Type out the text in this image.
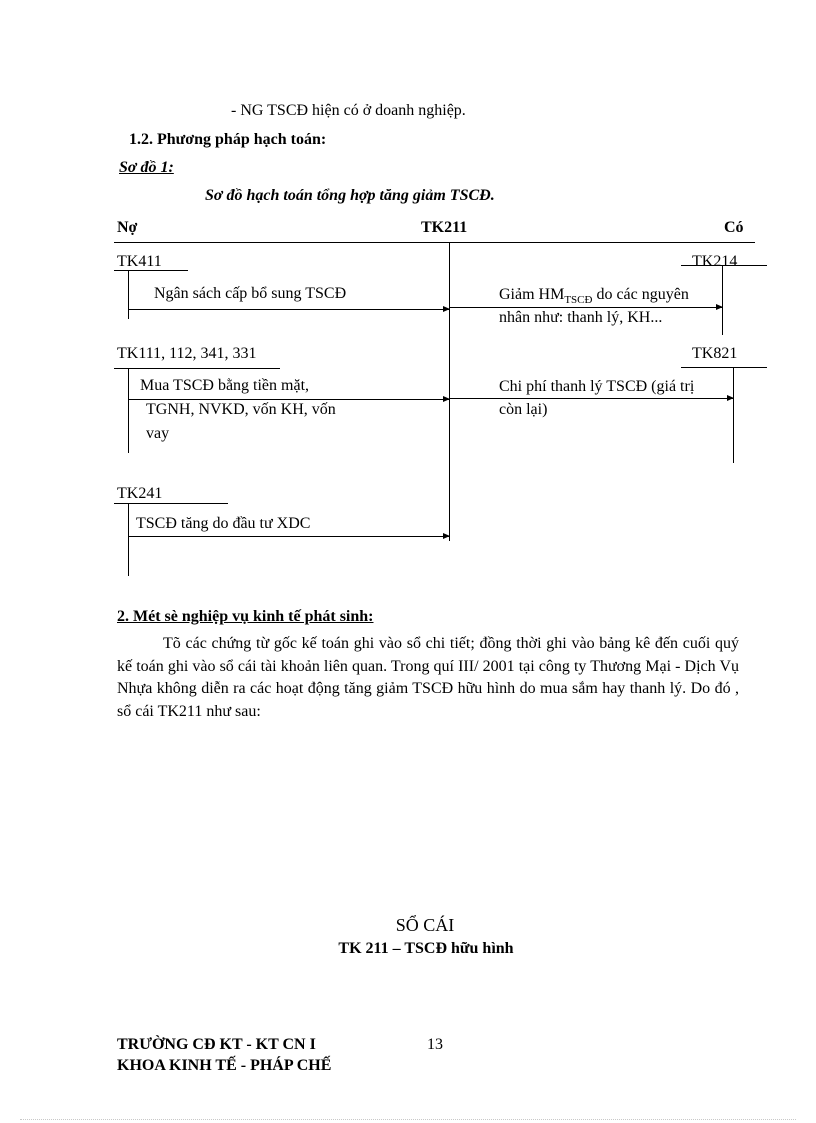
- NG TSCĐ hiện có ở doanh nghiệp.
1.2. Phương pháp hạch toán:
Sơ đồ 1:
Sơ đồ hạch toán tổng hợp tăng giảm TSCĐ.
Nợ	TK211	Có
TK411
Ngân sách cấp bổ sung TSCĐ
TK111, 112, 341, 331
Mua TSCĐ bằng tiền mặt,
TGNH, NVKD, vốn KH, vốn
vay
TK241
TSCĐ tăng do đầu tư XDC
TK214
Giảm $HM_{TSCĐ}$ do các nguyên
nhân như: thanh lý, KH...
TK821
Chi phí thanh lý TSCĐ (giá trị
còn lại)
2. Mét sè nghiệp vụ kinh tế phát sinh:
Tõ các chứng từ gốc kế toán ghi vào sổ chi tiết; đồng thời ghi vào bảng kê đến cuối quý kế toán ghi vào sổ cái tài khoản liên quan. Trong quí III/ 2001 tại công ty Thương Mại - Dịch Vụ Nhựa không diễn ra các hoạt động tăng giảm TSCĐ hữu hình do mua sắm hay thanh lý. Do đó , sổ cái TK211 như sau:
SỔ CÁI
TK 211 – TSCĐ hữu hình
TRƯỜNG CĐ KT - KT CN I	13
KHOA KINH TẾ - PHÁP CHẾ
